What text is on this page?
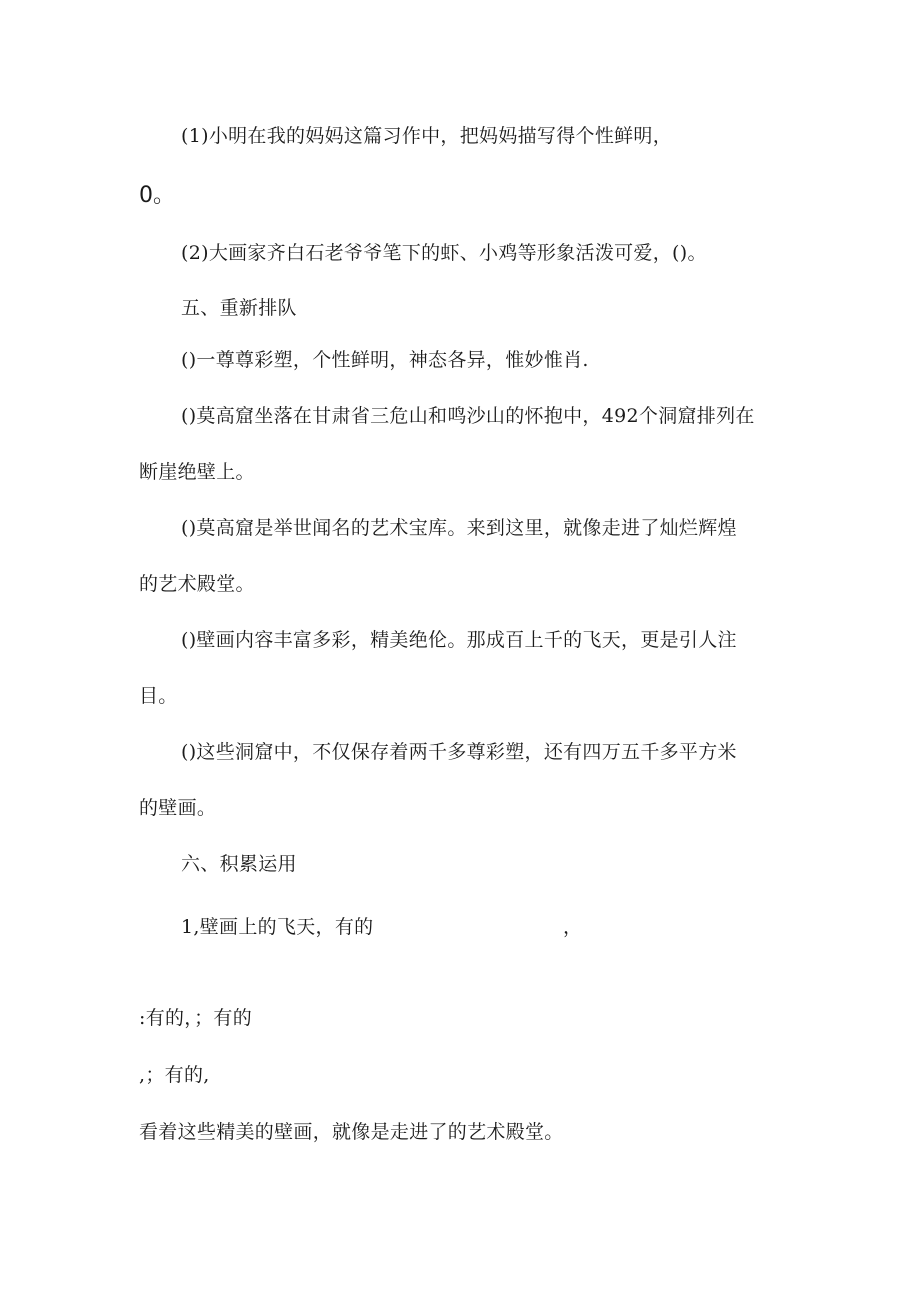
(1)小明在我的妈妈这篇习作中，把妈妈描写得个性鲜明，
0。
(2)大画家齐白石老爷爷笔下的虾、小鸡等形象活泼可爱，()。
五、重新排队
()一尊尊彩塑，个性鲜明，神态各异，惟妙惟肖.
()莫高窟坐落在甘肃省三危山和鸣沙山的怀抱中，492个洞窟排列在
断崖绝壁上。
()莫高窟是举世闻名的艺术宝库。来到这里，就像走进了灿烂辉煌
的艺术殿堂。
()壁画内容丰富多彩，精美绝伦。那成百上千的飞天，更是引人注
目。
()这些洞窟中，不仅保存着两千多尊彩塑，还有四万五千多平方米
的壁画。
六、积累运用
1,壁画上的飞天，有的	，
:有的，；有的
,；有的,
看着这些精美的壁画，就像是走进了的艺术殿堂。
